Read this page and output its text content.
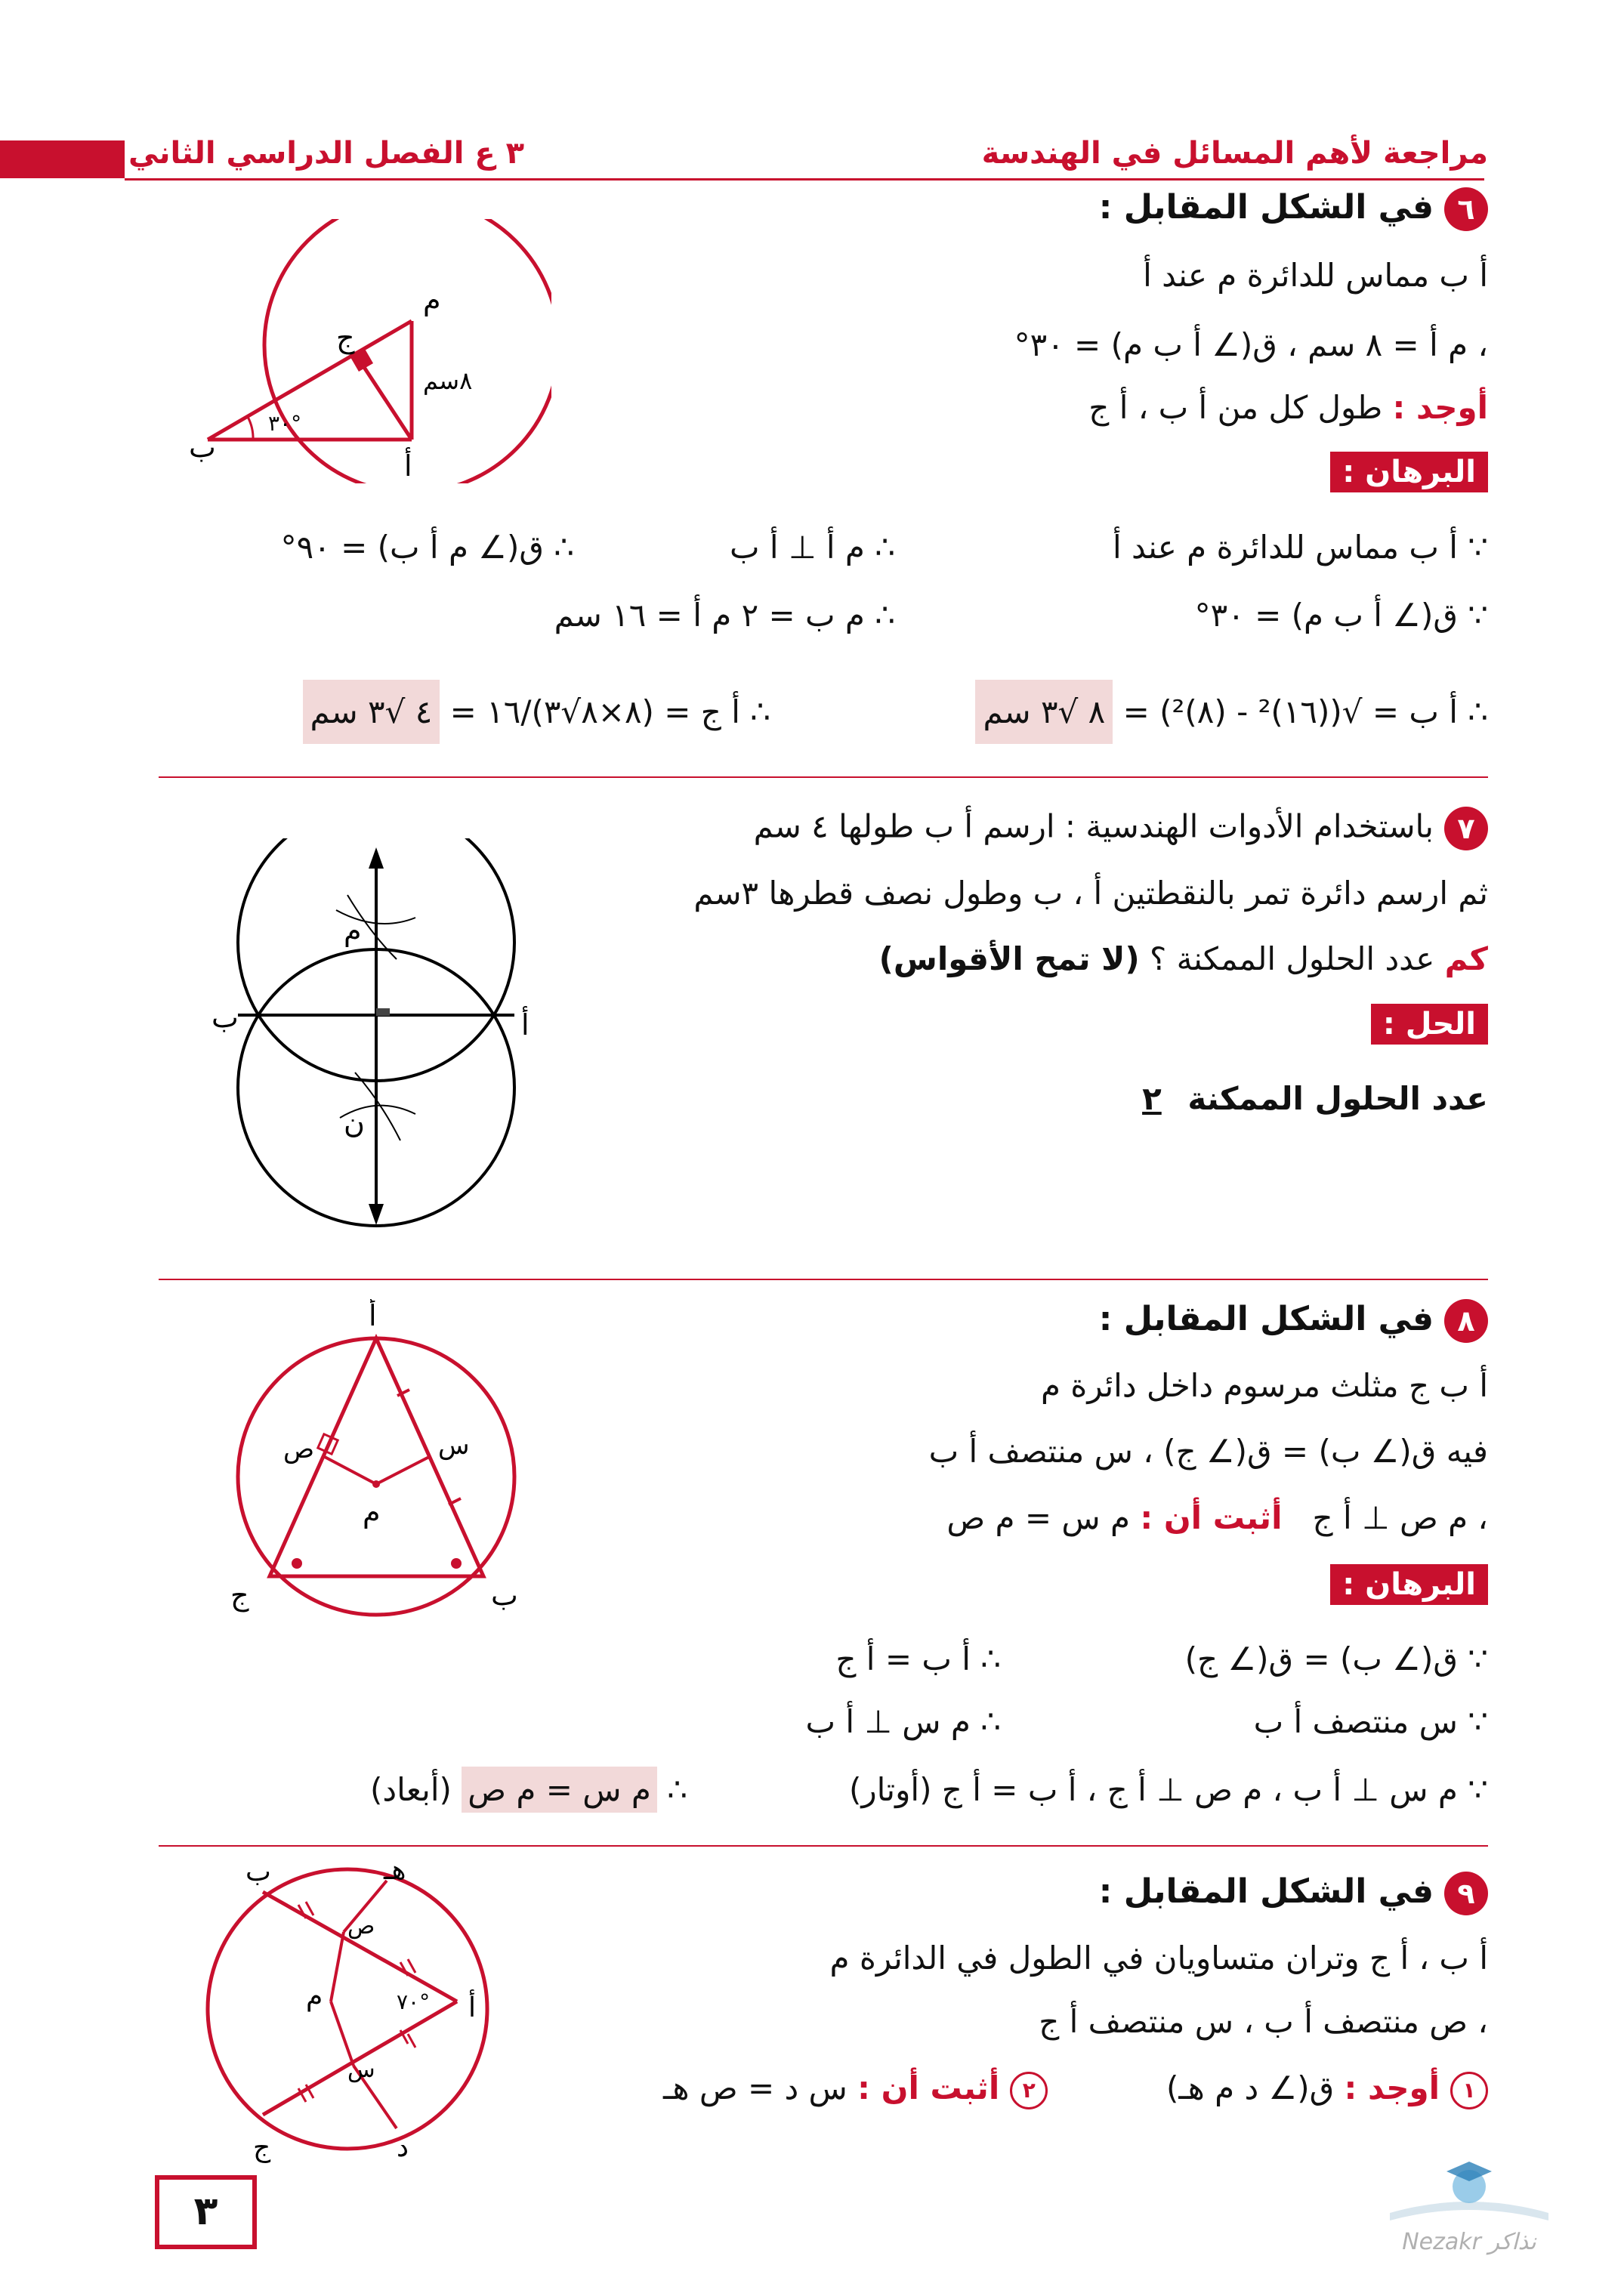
مراجعة لأهم المسائل في الهندسة
٣ ع الفصل الدراسي الثاني
٦في الشكل المقابل :
أ ب مماس للدائرة م عند أ
، م أ = ٨ سم ، ق(∠ أ ب م) = ٣٠°
أوجد : طول كل من أ ب ، أ ج
البرهان :
∵ أ ب مماس للدائرة م عند أ
∴ م أ ⊥ أ ب
∴ ق(∠ م أ ب) = ٩٠°
∵ ق(∠ أ ب م) = ٣٠°
∴ م ب = ٢ م أ = ١٦ سم
∴ أ ب = √((١٦)² - (٨)²) = ٨ √٣ سم
∴ أ ج = (٨×٨√٣)/١٦ = ٤ √٣ سم
م
أ
ب
ج
٨سم
٣٠°
٧باستخدام الأدوات الهندسية : ارسم أ ب طولها ٤ سم
ثم ارسم دائرة تمر بالنقطتين أ ، ب وطول نصف قطرها ٣سم
كم عدد الحلول الممكنة ؟ (لا تمح الأقواس)
الحل :
عدد الحلول الممكنة ٢
م
ن
أ
ب
٨في الشكل المقابل :
أ ب ج مثلث مرسوم داخل دائرة م
فيه ق(∠ ب) = ق(∠ ج) ، س منتصف أ ب
، م ص ⊥ أ ج   أثبت أن : م س = م ص
البرهان :
∵ ق(∠ ب) = ق(∠ ج)
∴ أ ب = أ ج
∵ س منتصف أ ب
∴ م س ⊥ أ ب
∵ م س ⊥ أ ب ، م ص ⊥ أ ج ، أ ب = أ ج (أوتار)
∴ م س = م ص (أبعاد)
أ
ب
ج
م
س
ص
٩في الشكل المقابل :
أ ب ، أ ج وتران متساويان في الطول في الدائرة م
، ص منتصف أ ب ، س منتصف أ ج
١أوجد : ق(∠ د م هـ)  ٢أثبت أن : س د = ص هـ
أ
ب
ج	د
هـ
م
س
ص
٧٠°
٣
Nezakr نذاكر
